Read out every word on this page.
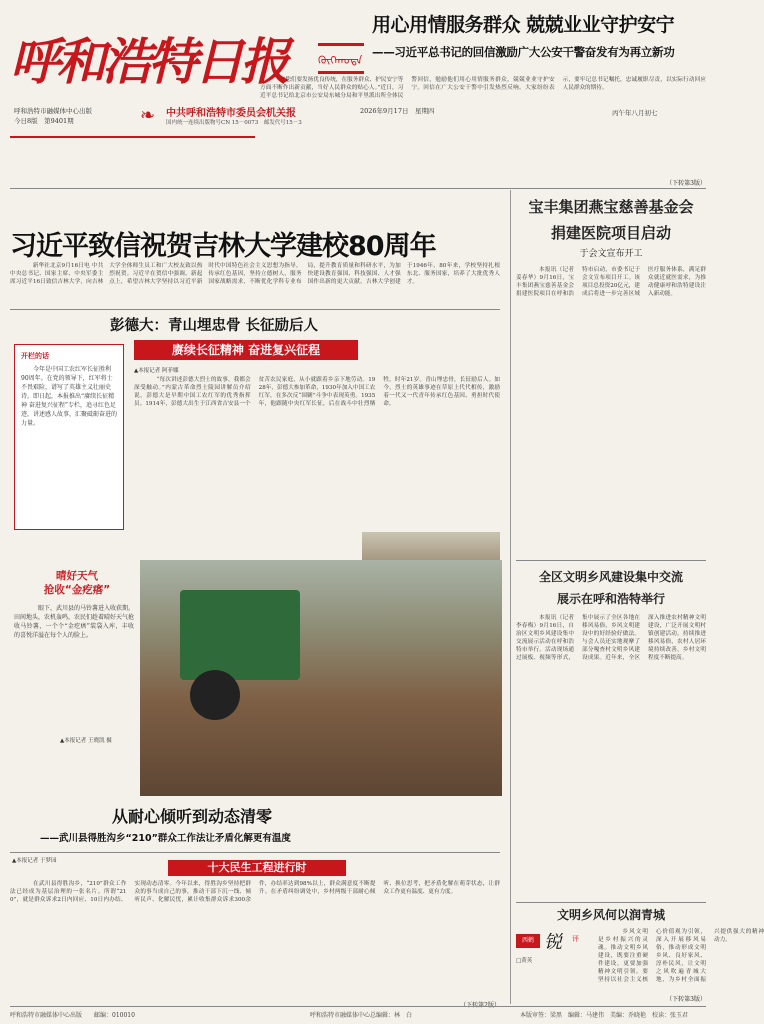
呼和浩特日报	ᠬᠥᠬᠡᠬᠣᠲᠠ
呼和浩特市融媒体中心出版
今日8版　第9401期	❧	中共呼和浩特市委员会机关报
国内统一连续出版物号CN 15－0073　邮发代号15－3
2026年9月17日　星期四	丙午年八月初七
用心用情服务群众 兢兢业业守护安宁
——习近平总书记的回信激励广大公安干警奋发有为再立新功

　　“您们要发扬优良传统，在服务群众、护民安宁等方面不断作出新贡献，当好人民群众的贴心人。”近日，习近平总书记给北京市公安局东城分局和平里派出所全体民警回信，勉励他们用心用情服务群众，兢兢业业守护安宁。回信在广大公安干警中引发热烈反响。大家纷纷表示，要牢记总书记嘱托，忠诚履职尽责，以实际行动回应人民群众的期待。

（下转第3版）
习近平致信祝贺吉林大学建校80周年

　　新华社北京9月16日电 中共中央总书记、国家主席、中央军委主席习近平16日致信吉林大学，向吉林大学全体师生员工和广大校友致以热烈祝贺。习近平在贺信中强调，新起点上，希望吉林大学坚持以习近平新时代中国特色社会主义思想为指导，传承红色基因，坚持立德树人，服务国家战略需求，不断优化学科专业布局，提升教育质量和科研水平，为加快建设教育强国、科技强国、人才强国作出新的更大贡献。吉林大学创建于1946年，80年来，学校坚持扎根东北、服务国家，培养了大批优秀人才。

彭德大：青山埋忠骨 长征励后人
赓续长征精神 奋进复兴征程
▲本报记者 阿菲娜

　　“每次讲述彭德大烈士的故事，我都会深受触动。”内蒙古革命烈士陵园讲解员介绍说，彭德大是早期中国工农红军的优秀指挥员。1914年，彭德大出生于江西省吉安县一个贫苦农民家庭，从小就跟着乡亲下地劳动。1928年，彭德大参加革命，1930年加入中国工农红军，在多次反“围剿”斗争中表现英勇。1935年，他跟随中央红军长征，后在战斗中壮烈牺牲，时年21岁。青山埋忠骨，长征励后人。如今，烈士的英雄事迹在草原上代代相传，激励着一代又一代青年传承红色基因、勇担时代使命。

开栏的话
　　今年是中国工农红军长征胜利90周年。在党的领导下，红军将士不畏艰险，谱写了英雄主义壮丽史诗。即日起，本报推出“赓续长征精神 奋进复兴征程”专栏，追寻红色足迹，讲述感人故事，汇聚砥砺奋进的力量。
晴好天气
抢收“金疙瘩”

　　眼下，武川县的马铃薯进入收获期。田间地头，农机轰鸣，农民们趁着晴好天气抢收马铃薯，一个个“金疙瘩”装袋入库，丰收的喜悦洋溢在每个人的脸上。

▲本报记者 王晓凯 摄
从耐心倾听到动态清零
——武川县得胜沟乡“210”群众工作法让矛盾化解更有温度
十大民生工程进行时
▲本报记者 于梦园

　　在武川县得胜沟乡，“210”群众工作法已经成为基层治理的一张名片。所谓“210”，就是群众诉求2日内回应、10日内办结、实现动态清零。今年以来，得胜沟乡坚持把群众的事当成自己的事，推动干部下沉一线、倾听民声、化解民忧，累计收集群众诉求300余件，办结率达到98%以上，群众满意度不断提升。在矛盾纠纷调处中，乡村两级干部耐心倾听、换位思考，把矛盾化解在萌芽状态，让群众工作更有温度、更有力度。

宝丰集团燕宝慈善基金会
捐建医院项目启动
于会文宣布开工

　　本报讯（记者 姜春华）9月16日，宝丰集团燕宝慈善基金会捐建医院项目在呼和浩特市启动，市委书记于会文宣布项目开工。该项目总投资20亿元，建成后将进一步完善区域医疗服务体系，满足群众就近就医需求，为推动健康呼和浩特建设注入新动能。

全区文明乡风建设集中交流
展示在呼和浩特举行

　　本报讯（记者 李春梅）9月16日，自治区文明乡风建设集中交流展示活动在呼和浩特市举行。活动现场通过展板、视频等形式，集中展示了全区各地在移风易俗、乡风文明建设中的好经验好做法。与会人员还实地观摩了部分嘎查村文明乡风建设成果。近年来，全区深入推进农村精神文明建设，广泛开展文明村镇创建活动，持续推进移风易俗，农村人居环境持续改善，乡村文明程度不断提高。

文明乡风何以润青城
西鹤 锐 评
□黄英

　　乡风文明是乡村振兴的灵魂。推动文明乡风建设，既要注重硬件建设，更要加强精神文明引领。要坚持以社会主义核心价值观为引领，深入开展移风易俗，推动形成文明乡风、良好家风、淳朴民风，让文明之风吹遍青城大地，为乡村全面振兴提供强大的精神动力。

（下转第3版）
呼和浩特市融媒体中心出版　　邮编：010010	呼和浩特市融媒体中心总编辑：林　白	本版审签：梁黑　编辑：马建伟　美编：乔晓艳　校读：张玉君
